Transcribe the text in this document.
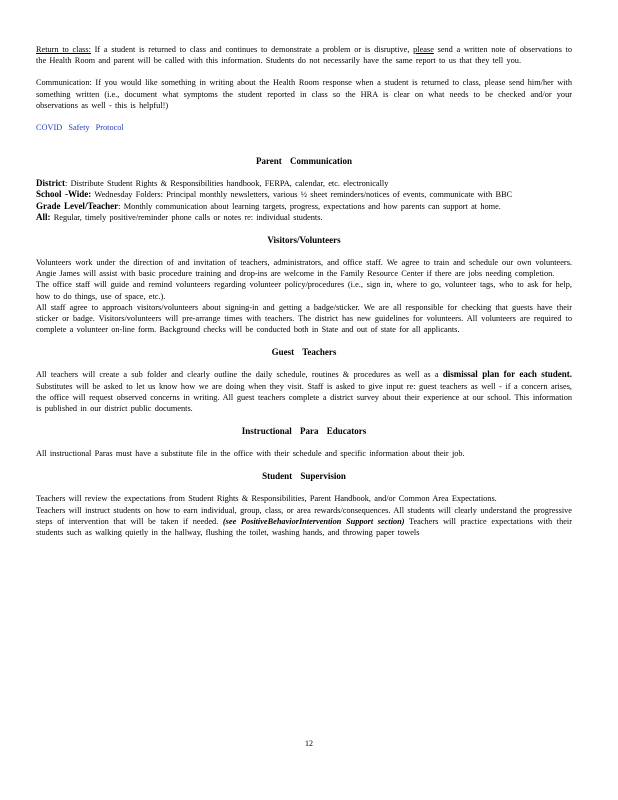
Return to class: If a student is returned to class and continues to demonstrate a problem or is disruptive, please send a written note of observations to the Health Room and parent will be called with this information. Students do not necessarily have the same report to us that they tell you.

Communication: If you would like something in writing about the Health Room response when a student is returned to class, please send him/her with something written (i.e., document what symptoms the student reported in class so the HRA is clear on what needs to be checked and/or your observations as well - this is helpful!)

COVID Safety Protocol

Parent Communication

District: Distribute Student Rights & Responsibilities handbook, FERPA, calendar, etc. electronically

School -Wide: Wednesday Folders: Principal monthly newsletters, various ½ sheet reminders/notices of events, communicate with BBC

Grade Level/Teacher: Monthly communication about learning targets, progress, expectations and how parents can support at home.

All: Regular, timely positive/reminder phone calls or notes re: individual students.

Visitors/Volunteers

Volunteers work under the direction of and invitation of teachers, administrators, and office staff. We agree to train and schedule our own volunteers. Angie James will assist with basic procedure training and drop-ins are welcome in the Family Resource Center if there are jobs needing completion.

The office staff will guide and remind volunteers regarding volunteer policy/procedures (i.e., sign in, where to go, volunteer tags, who to ask for help, how to do things, use of space, etc.).

All staff agree to approach visitors/volunteers about signing-in and getting a badge/sticker. We are all responsible for checking that guests have their sticker or badge. Visitors/volunteers will pre-arrange times with teachers. The district has new guidelines for volunteers. All volunteers are required to complete a volunteer on-line form. Background checks will be conducted both in State and out of state for all applicants.

Guest Teachers

All teachers will create a sub folder and clearly outline the daily schedule, routines & procedures as well as a dismissal plan for each student. Substitutes will be asked to let us know how we are doing when they visit. Staff is asked to give input re: guest teachers as well - if a concern arises, the office will request observed concerns in writing. All guest teachers complete a district survey about their experience at our school. This information is published in our district public documents.

Instructional Para Educators

All instructional Paras must have a substitute file in the office with their schedule and specific information about their job.

Student Supervision

Teachers will review the expectations from Student Rights & Responsibilities, Parent Handbook, and/or Common Area Expectations.

Teachers will instruct students on how to earn individual, group, class, or area rewards/consequences. All students will clearly understand the progressive steps of intervention that will be taken if needed. (see PositiveBehaviorIntervention Support section) Teachers will practice expectations with their students such as walking quietly in the hallway, flushing the toilet, washing hands, and throwing paper towels

12
